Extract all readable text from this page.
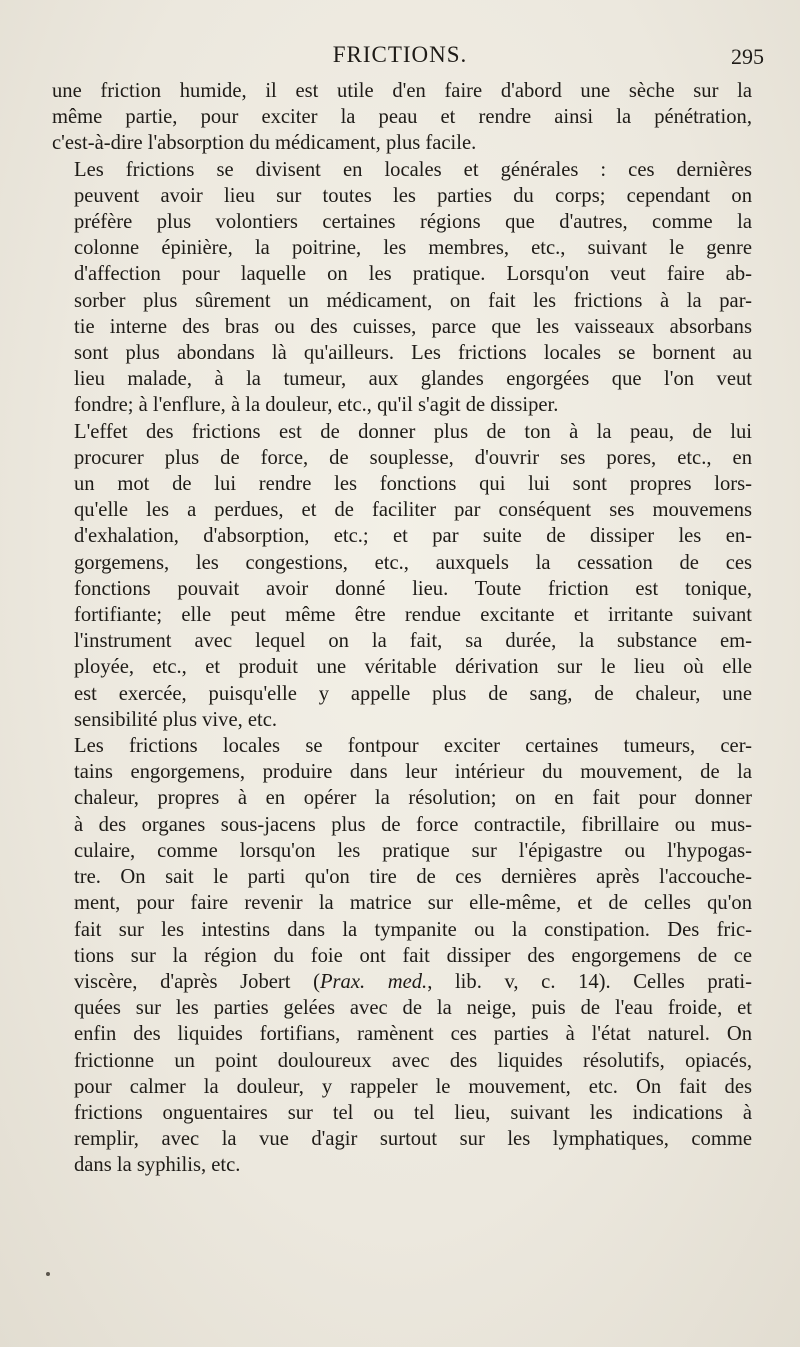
FRICTIONS.	295

une friction humide, il est utile d'en faire d'abord une sèche sur la
même partie, pour exciter la peau et rendre ainsi la pénétration,
c'est-à-dire l'absorption du médicament, plus facile.

Les frictions se divisent en locales et générales : ces dernières
peuvent avoir lieu sur toutes les parties du corps; cependant on
préfère plus volontiers certaines régions que d'autres, comme la
colonne épinière, la poitrine, les membres, etc., suivant le genre
d'affection pour laquelle on les pratique. Lorsqu'on veut faire ab-
sorber plus sûrement un médicament, on fait les frictions à la par-
tie interne des bras ou des cuisses, parce que les vaisseaux absorbans
sont plus abondans là qu'ailleurs. Les frictions locales se bornent au
lieu malade, à la tumeur, aux glandes engorgées que l'on veut
fondre; à l'enflure, à la douleur, etc., qu'il s'agit de dissiper.

L'effet des frictions est de donner plus de ton à la peau, de lui
procurer plus de force, de souplesse, d'ouvrir ses pores, etc., en
un mot de lui rendre les fonctions qui lui sont propres lors-
qu'elle les a perdues, et de faciliter par conséquent ses mouvemens
d'exhalation, d'absorption, etc.; et par suite de dissiper les en-
gorgemens, les congestions, etc., auxquels la cessation de ces
fonctions pouvait avoir donné lieu. Toute friction est tonique,
fortifiante; elle peut même être rendue excitante et irritante suivant
l'instrument avec lequel on la fait, sa durée, la substance em-
ployée, etc., et produit une véritable dérivation sur le lieu où elle
est exercée, puisqu'elle y appelle plus de sang, de chaleur, une
sensibilité plus vive, etc.

Les frictions locales se fontpour exciter certaines tumeurs, cer-
tains engorgemens, produire dans leur intérieur du mouvement, de la
chaleur, propres à en opérer la résolution; on en fait pour donner
à des organes sous-jacens plus de force contractile, fibrillaire ou mus-
culaire, comme lorsqu'on les pratique sur l'épigastre ou l'hypogas-
tre. On sait le parti qu'on tire de ces dernières après l'accouche-
ment, pour faire revenir la matrice sur elle-même, et de celles qu'on
fait sur les intestins dans la tympanite ou la constipation. Des fric-
tions sur la région du foie ont fait dissiper des engorgemens de ce
viscère, d'après Jobert (Prax. med., lib. v, c. 14). Celles prati-
quées sur les parties gelées avec de la neige, puis de l'eau froide, et
enfin des liquides fortifians, ramènent ces parties à l'état naturel. On
frictionne un point douloureux avec des liquides résolutifs, opiacés,
pour calmer la douleur, y rappeler le mouvement, etc. On fait des
frictions onguentaires sur tel ou tel lieu, suivant les indications à
remplir, avec la vue d'agir surtout sur les lymphatiques, comme
dans la syphilis, etc.
